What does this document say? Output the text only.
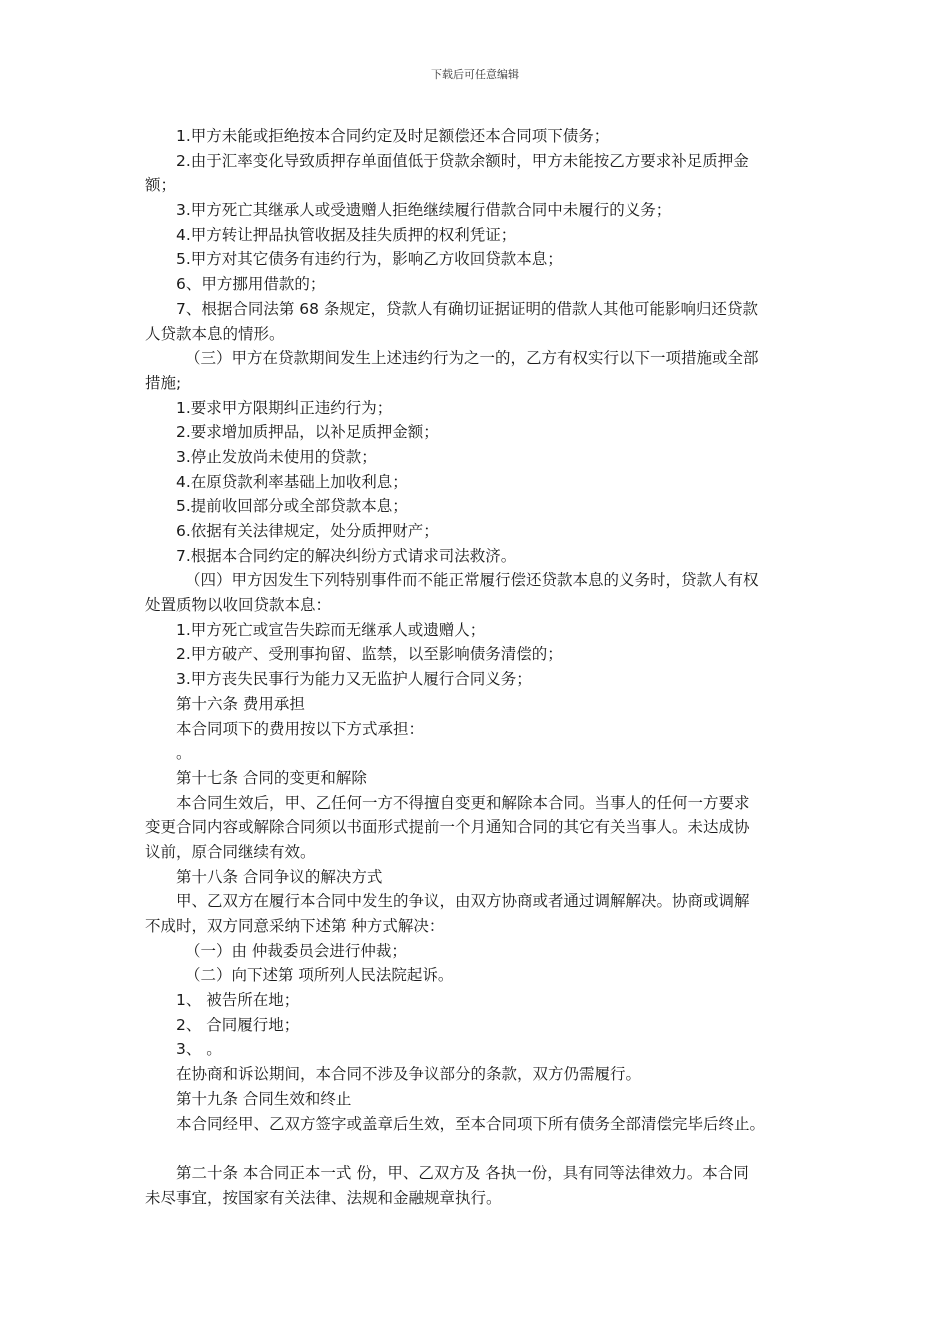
下载后可任意编辑
1.甲方未能或拒绝按本合同约定及时足额偿还本合同项下债务；
2.由于汇率变化导致质押存单面值低于贷款余额时，甲方未能按乙方要求补足质押金
额；
3.甲方死亡其继承人或受遗赠人拒绝继续履行借款合同中未履行的义务；
4.甲方转让押品执管收据及挂失质押的权利凭证；
5.甲方对其它债务有违约行为，影响乙方收回贷款本息；
6、甲方挪用借款的；
7、根据合同法第 68 条规定，贷款人有确切证据证明的借款人其他可能影响归还贷款
人贷款本息的情形。
（三）甲方在贷款期间发生上述违约行为之一的，乙方有权实行以下一项措施或全部
措施;
1.要求甲方限期纠正违约行为；
2.要求增加质押品，以补足质押金额；
3.停止发放尚未使用的贷款；
4.在原贷款利率基础上加收利息；
5.提前收回部分或全部贷款本息；
6.依据有关法律规定，处分质押财产；
7.根据本合同约定的解决纠纷方式请求司法救济。
（四）甲方因发生下列特别事件而不能正常履行偿还贷款本息的义务时，贷款人有权
处置质物以收回贷款本息：
1.甲方死亡或宣告失踪而无继承人或遗赠人；
2.甲方破产、受刑事拘留、监禁，以至影响债务清偿的；
3.甲方丧失民事行为能力又无监护人履行合同义务；
第十六条 费用承担
本合同项下的费用按以下方式承担：
。
第十七条 合同的变更和解除
本合同生效后，甲、乙任何一方不得擅自变更和解除本合同。当事人的任何一方要求
变更合同内容或解除合同须以书面形式提前一个月通知合同的其它有关当事人。未达成协
议前，原合同继续有效。
第十八条 合同争议的解决方式
甲、乙双方在履行本合同中发生的争议，由双方协商或者通过调解解决。协商或调解
不成时，双方同意采纳下述第 种方式解决：
（一）由 仲裁委员会进行仲裁；
（二）向下述第 项所列人民法院起诉。
1、 被告所在地；
2、 合同履行地；
3、 。
在协商和诉讼期间，本合同不涉及争议部分的条款，双方仍需履行。
第十九条 合同生效和终止
本合同经甲、乙双方签字或盖章后生效，至本合同项下所有债务全部清偿完毕后终止。
第二十条 本合同正本一式 份，甲、乙双方及 各执一份，具有同等法律效力。本合同
未尽事宜，按国家有关法律、法规和金融规章执行。
